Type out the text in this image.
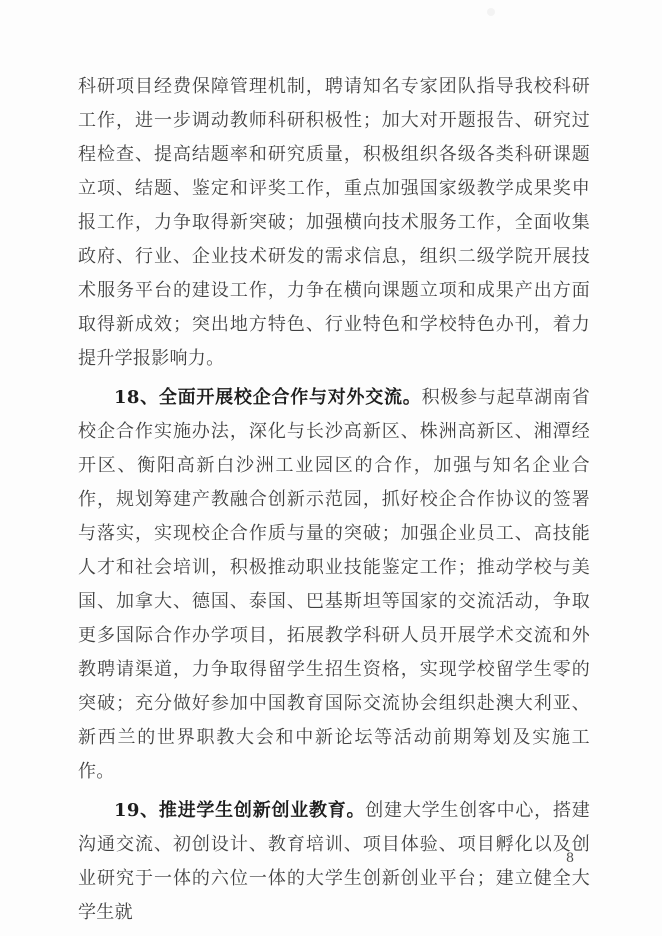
科研项目经费保障管理机制，聘请知名专家团队指导我校科研工作，进一步调动教师科研积极性；加大对开题报告、研究过程检查、提高结题率和研究质量，积极组织各级各类科研课题立项、结题、鉴定和评奖工作，重点加强国家级教学成果奖申报工作，力争取得新突破；加强横向技术服务工作，全面收集政府、行业、企业技术研发的需求信息，组织二级学院开展技术服务平台的建设工作，力争在横向课题立项和成果产出方面取得新成效；突出地方特色、行业特色和学校特色办刊，着力提升学报影响力。

18、全面开展校企合作与对外交流。积极参与起草湖南省校企合作实施办法，深化与长沙高新区、株洲高新区、湘潭经开区、衡阳高新白沙洲工业园区的合作，加强与知名企业合作，规划筹建产教融合创新示范园，抓好校企合作协议的签署与落实，实现校企合作质与量的突破；加强企业员工、高技能人才和社会培训，积极推动职业技能鉴定工作；推动学校与美国、加拿大、德国、泰国、巴基斯坦等国家的交流活动，争取更多国际合作办学项目，拓展教学科研人员开展学术交流和外教聘请渠道，力争取得留学生招生资格，实现学校留学生零的突破；充分做好参加中国教育国际交流协会组织赴澳大利亚、新西兰的世界职教大会和中新论坛等活动前期筹划及实施工作。

19、推进学生创新创业教育。创建大学生创客中心，搭建沟通交流、初创设计、教育培训、项目体验、项目孵化以及创业研究于一体的六位一体的大学生创新创业平台；建立健全大学生就

8
